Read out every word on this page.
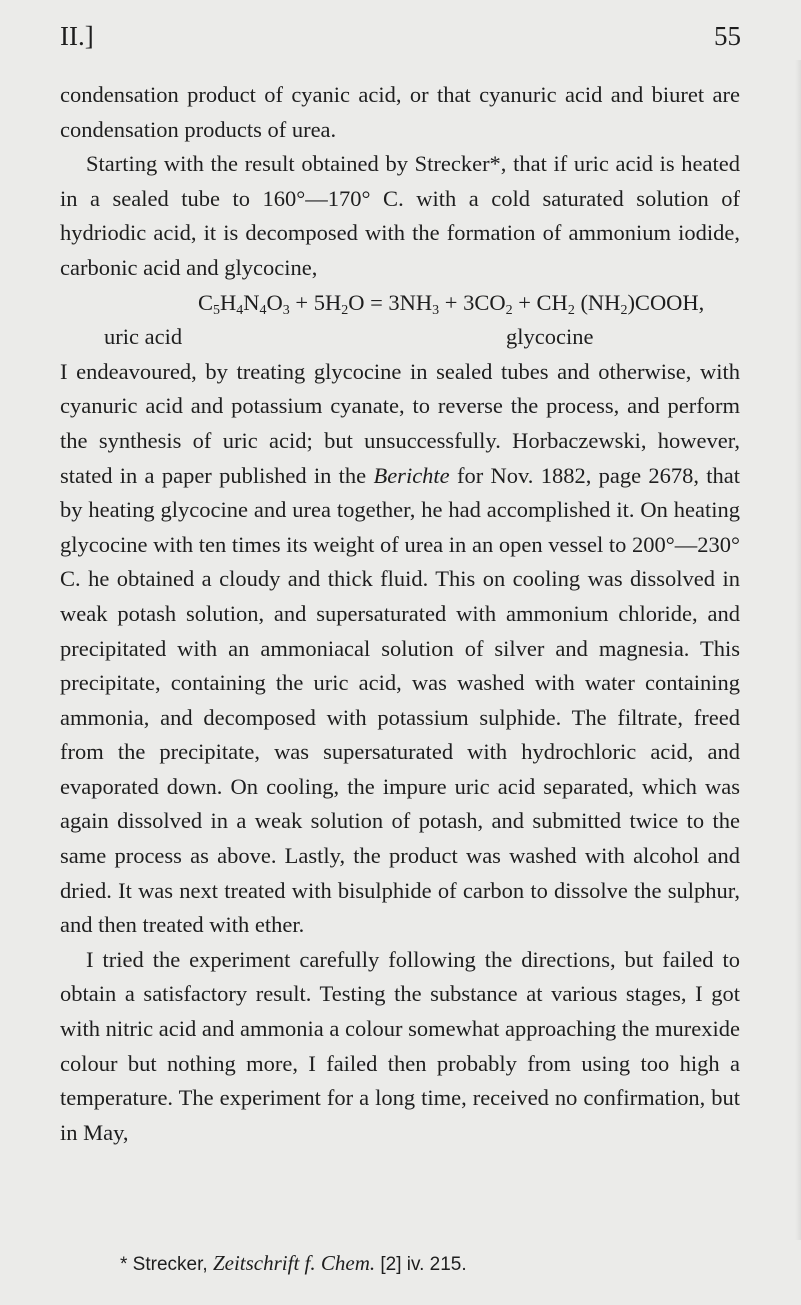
II.]	55

condensation product of cyanic acid, or that cyanuric acid and biuret are condensation products of urea.

Starting with the result obtained by Strecker*, that if uric acid is heated in a sealed tube to 160°—170° C. with a cold saturated solution of hydriodic acid, it is decomposed with the formation of ammonium iodide, carbonic acid and glycocine,

$C_5H_4N_4O_3 + 5H_2O = 3NH_3 + 3CO_2 + CH_2$ $(NH_2)COOH$,

uric acid	glycocine

I endeavoured, by treating glycocine in sealed tubes and otherwise, with cyanuric acid and potassium cyanate, to reverse the process, and perform the synthesis of uric acid; but unsuccessfully. Horbaczewski, however, stated in a paper published in the Berichte for Nov. 1882, page 2678, that by heating glycocine and urea together, he had accomplished it. On heating glycocine with ten times its weight of urea in an open vessel to 200°—230° C. he obtained a cloudy and thick fluid. This on cooling was dissolved in weak potash solution, and supersaturated with ammonium chloride, and precipitated with an ammoniacal solution of silver and magnesia. This precipitate, containing the uric acid, was washed with water containing ammonia, and decomposed with potassium sulphide. The filtrate, freed from the precipitate, was supersaturated with hydrochloric acid, and evaporated down. On cooling, the impure uric acid separated, which was again dissolved in a weak solution of potash, and submitted twice to the same process as above. Lastly, the product was washed with alcohol and dried. It was next treated with bisulphide of carbon to dissolve the sulphur, and then treated with ether.

I tried the experiment carefully following the directions, but failed to obtain a satisfactory result. Testing the substance at various stages, I got with nitric acid and ammonia a colour somewhat approaching the murexide colour but nothing more, I failed then probably from using too high a temperature. The experiment for a long time, received no confirmation, but in May,

* Strecker, Zeitschrift f. Chem. [2] iv. 215.
